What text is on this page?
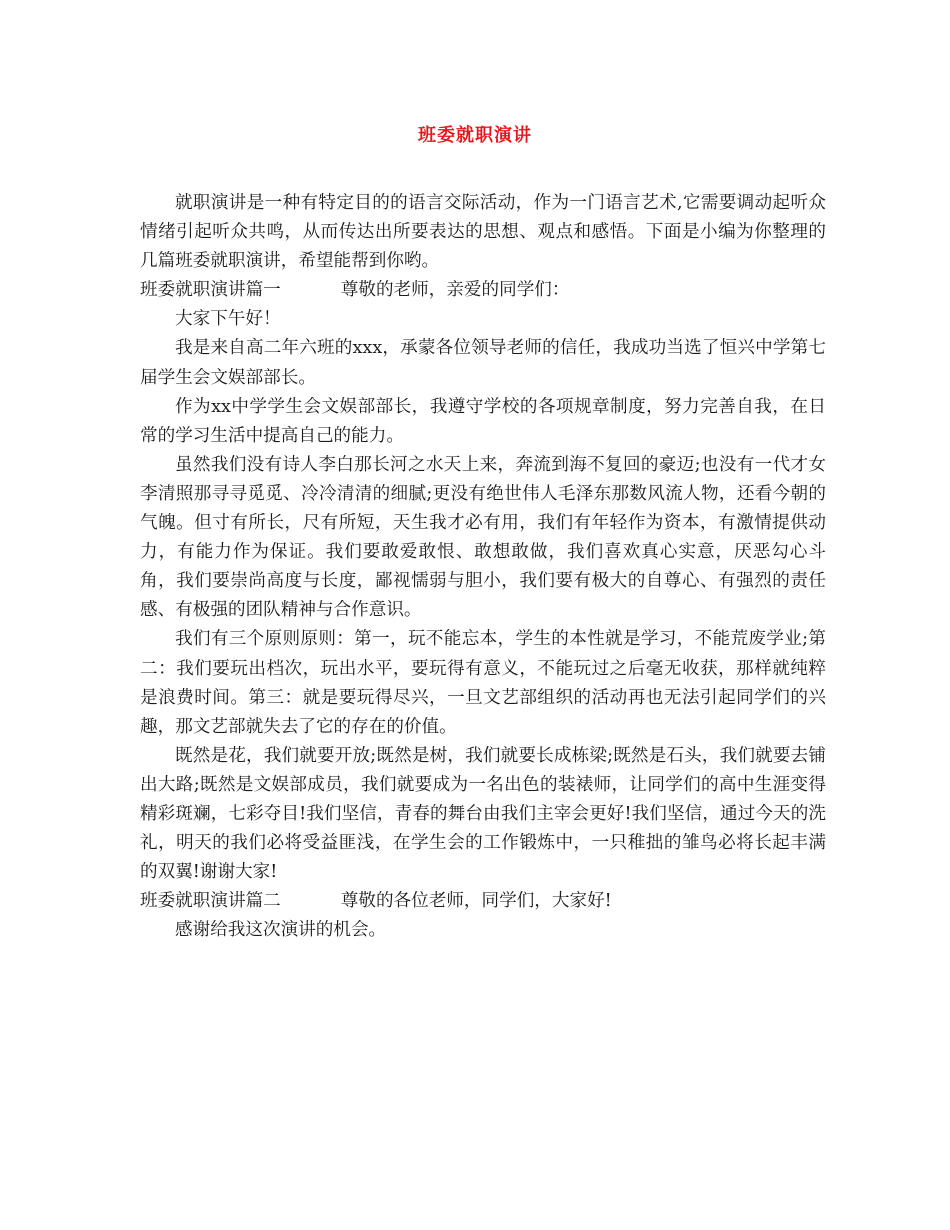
班委就职演讲

就职演讲是一种有特定目的的语言交际活动，作为一门语言艺术,它需要调动起听众情绪引起听众共鸣，从而传达出所要表达的思想、观点和感悟。下面是小编为你整理的几篇班委就职演讲，希望能帮到你哟。

班委就职演讲篇一	尊敬的老师，亲爱的同学们：

大家下午好！

我是来自高二年六班的xxx，承蒙各位领导老师的信任，我成功当选了恒兴中学第七届学生会文娱部部长。

作为xx中学学生会文娱部部长，我遵守学校的各项规章制度，努力完善自我，在日常的学习生活中提高自己的能力。

虽然我们没有诗人李白那长河之水天上来，奔流到海不复回的豪迈;也没有一代才女李清照那寻寻觅觅、冷冷清清的细腻;更没有绝世伟人毛泽东那数风流人物，还看今朝的气魄。但寸有所长，尺有所短，天生我才必有用，我们有年轻作为资本，有激情提供动力，有能力作为保证。我们要敢爱敢恨、敢想敢做，我们喜欢真心实意，厌恶勾心斗角，我们要崇尚高度与长度，鄙视懦弱与胆小，我们要有极大的自尊心、有强烈的责任感、有极强的团队精神与合作意识。

我们有三个原则原则：第一，玩不能忘本，学生的本性就是学习，不能荒废学业;第二：我们要玩出档次，玩出水平，要玩得有意义，不能玩过之后毫无收获，那样就纯粹是浪费时间。第三：就是要玩得尽兴，一旦文艺部组织的活动再也无法引起同学们的兴趣，那文艺部就失去了它的存在的价值。

既然是花，我们就要开放;既然是树，我们就要长成栋梁;既然是石头，我们就要去铺出大路;既然是文娱部成员，我们就要成为一名出色的装裱师，让同学们的高中生涯变得精彩斑斓，七彩夺目!我们坚信，青春的舞台由我们主宰会更好!我们坚信，通过今天的洗礼，明天的我们必将受益匪浅，在学生会的工作锻炼中，一只稚拙的雏鸟必将长起丰满的双翼!谢谢大家!

班委就职演讲篇二	尊敬的各位老师，同学们，大家好!

感谢给我这次演讲的机会。
